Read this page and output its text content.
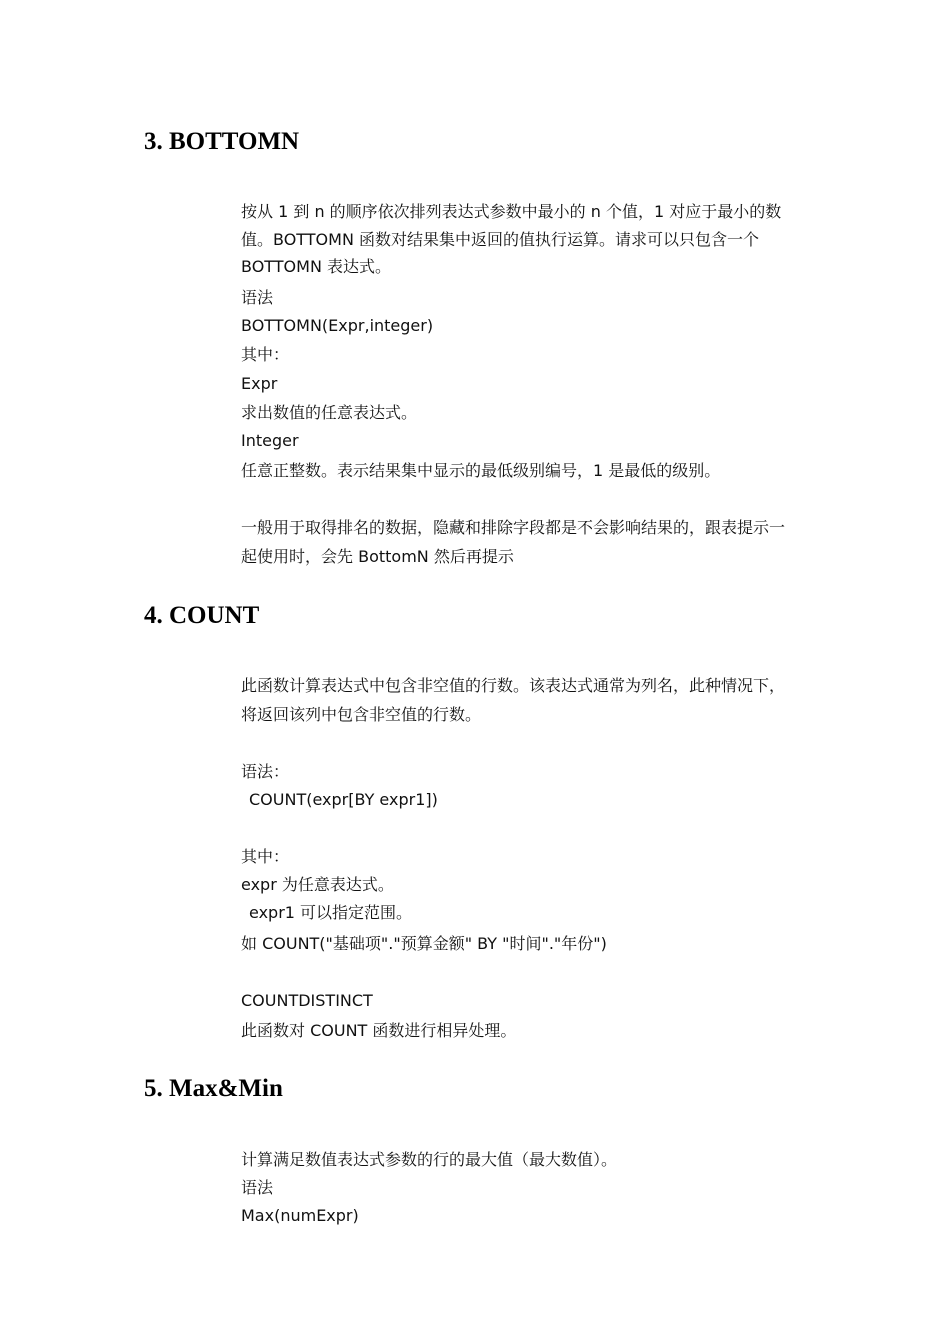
3. BOTTOMN

按从 1 到 n 的顺序依次排列表达式参数中最小的 n 个值，1 对应于最小的数

值。BOTTOMN 函数对结果集中返回的值执行运算。请求可以只包含一个

BOTTOMN 表达式。

语法

BOTTOMN(Expr,integer)

其中：

Expr

求出数值的任意表达式。

Integer

任意正整数。表示结果集中显示的最低级别编号，1 是最低的级别。

一般用于取得排名的数据，隐藏和排除字段都是不会影响结果的，跟表提示一

起使用时，会先 BottomN 然后再提示

4. COUNT

此函数计算表达式中包含非空值的行数。该表达式通常为列名，此种情况下，

将返回该列中包含非空值的行数。

语法：

COUNT(expr[BY expr1])

其中：

expr 为任意表达式。

expr1 可以指定范围。

如 COUNT("基础项"."预算金额" BY "时间"."年份")

COUNTDISTINCT

此函数对 COUNT 函数进行相异处理。

5. Max&Min

计算满足数值表达式参数的行的最大值（最大数值）。

语法

Max(numExpr)
